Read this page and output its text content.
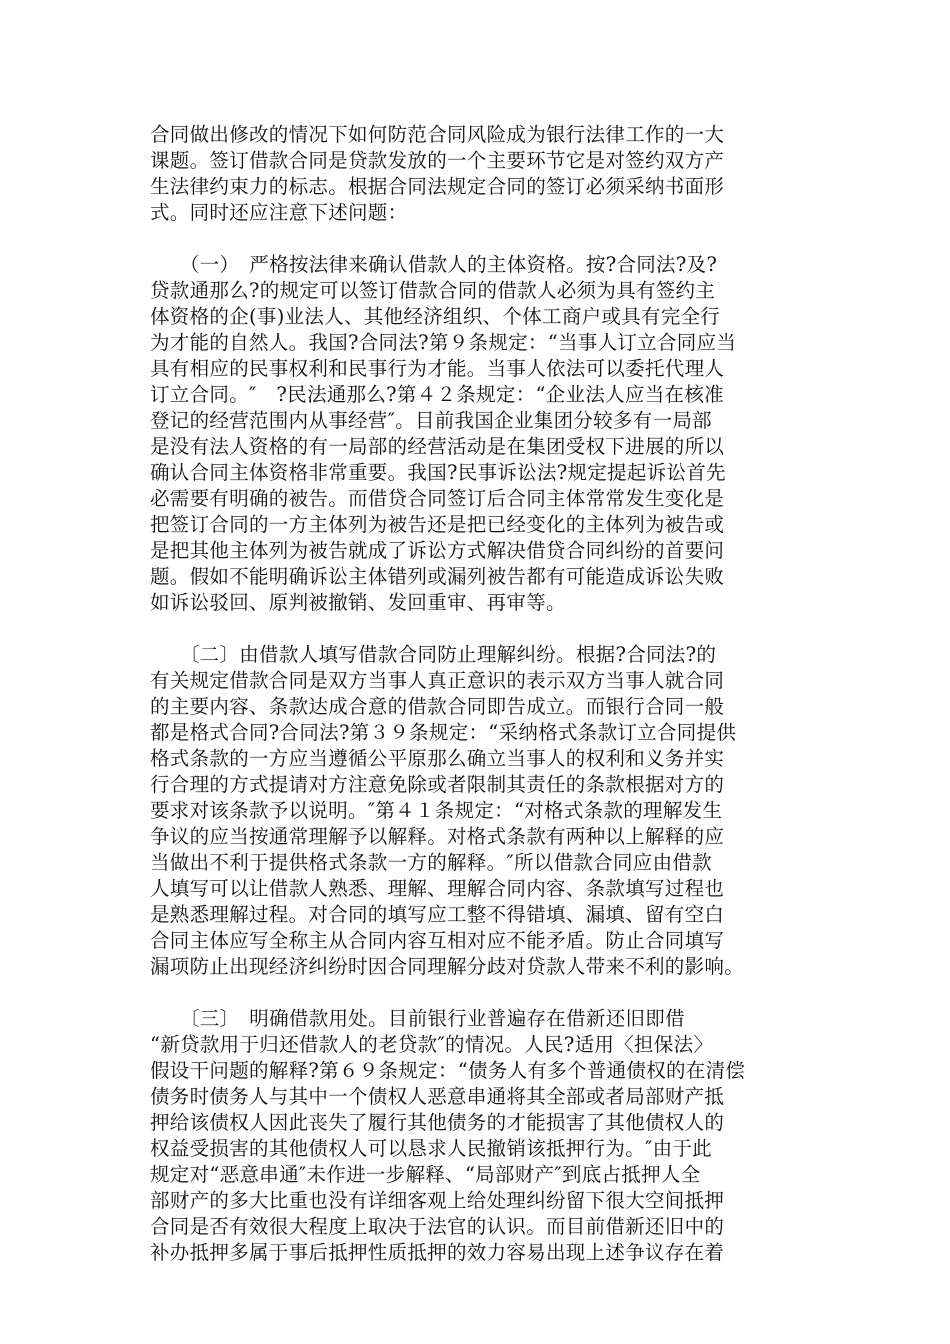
合同做出修改的情况下如何防范合同风险成为银行法律工作的一大
课题。签订借款合同是贷款发放的一个主要环节它是对签约双方产
生法律约束力的标志。根据合同法规定合同的签订必须采纳书面形
式。同时还应注意下述问题：
　　（一）　严格按法律来确认借款人的主体资格。按?合同法?及?
贷款通那么?的规定可以签订借款合同的借款人必须为具有签约主
体资格的企(事)业法人、其他经济组织、个体工商户或具有完全行
为才能的自然人。我国?合同法?第９条规定：“当事人订立合同应当
具有相应的民事权利和民事行为才能。当事人依法可以委托代理人
订立合同。″　?民法通那么?第４２条规定：“企业法人应当在核准
登记的经营范围内从事经营″。目前我国企业集团分较多有一局部
是没有法人资格的有一局部的经营活动是在集团受权下进展的所以
确认合同主体资格非常重要。我国?民事诉讼法?规定提起诉讼首先
必需要有明确的被告。而借贷合同签订后合同主体常常发生变化是
把签订合同的一方主体列为被告还是把已经变化的主体列为被告或
是把其他主体列为被告就成了诉讼方式解决借贷合同纠纷的首要问
题。假如不能明确诉讼主体错列或漏列被告都有可能造成诉讼失败
如诉讼驳回、原判被撤销、发回重审、再审等。
　　〔二〕由借款人填写借款合同防止理解纠纷。根据?合同法?的
有关规定借款合同是双方当事人真正意识的表示双方当事人就合同
的主要内容、条款达成合意的借款合同即告成立。而银行合同一般
都是格式合同?合同法?第３９条规定：“采纳格式条款订立合同提供
格式条款的一方应当遵循公平原那么确立当事人的权利和义务并实
行合理的方式提请对方注意免除或者限制其责任的条款根据对方的
要求对该条款予以说明。″第４１条规定：“对格式条款的理解发生
争议的应当按通常理解予以解释。对格式条款有两种以上解释的应
当做出不利于提供格式条款一方的解释。″所以借款合同应由借款
人填写可以让借款人熟悉、理解、理解合同内容、条款填写过程也
是熟悉理解过程。对合同的填写应工整不得错填、漏填、留有空白
合同主体应写全称主从合同内容互相对应不能矛盾。防止合同填写
漏项防止出现经济纠纷时因合同理解分歧对贷款人带来不利的影响。
　　〔三〕　明确借款用处。目前银行业普遍存在借新还旧即借
“新贷款用于归还借款人的老贷款″的情况。人民?适用〈担保法〉
假设干问题的解释?第６９条规定：“债务人有多个普通债权的在清偿
债务时债务人与其中一个债权人恶意串通将其全部或者局部财产抵
押给该债权人因此丧失了履行其他债务的才能损害了其他债权人的
权益受损害的其他债权人可以恳求人民撤销该抵押行为。″由于此
规定对“恶意串通″未作进一步解释、“局部财产″到底占抵押人全
部财产的多大比重也没有详细客观上给处理纠纷留下很大空间抵押
合同是否有效很大程度上取决于法官的认识。而目前借新还旧中的
补办抵押多属于事后抵押性质抵押的效力容易出现上述争议存在着
